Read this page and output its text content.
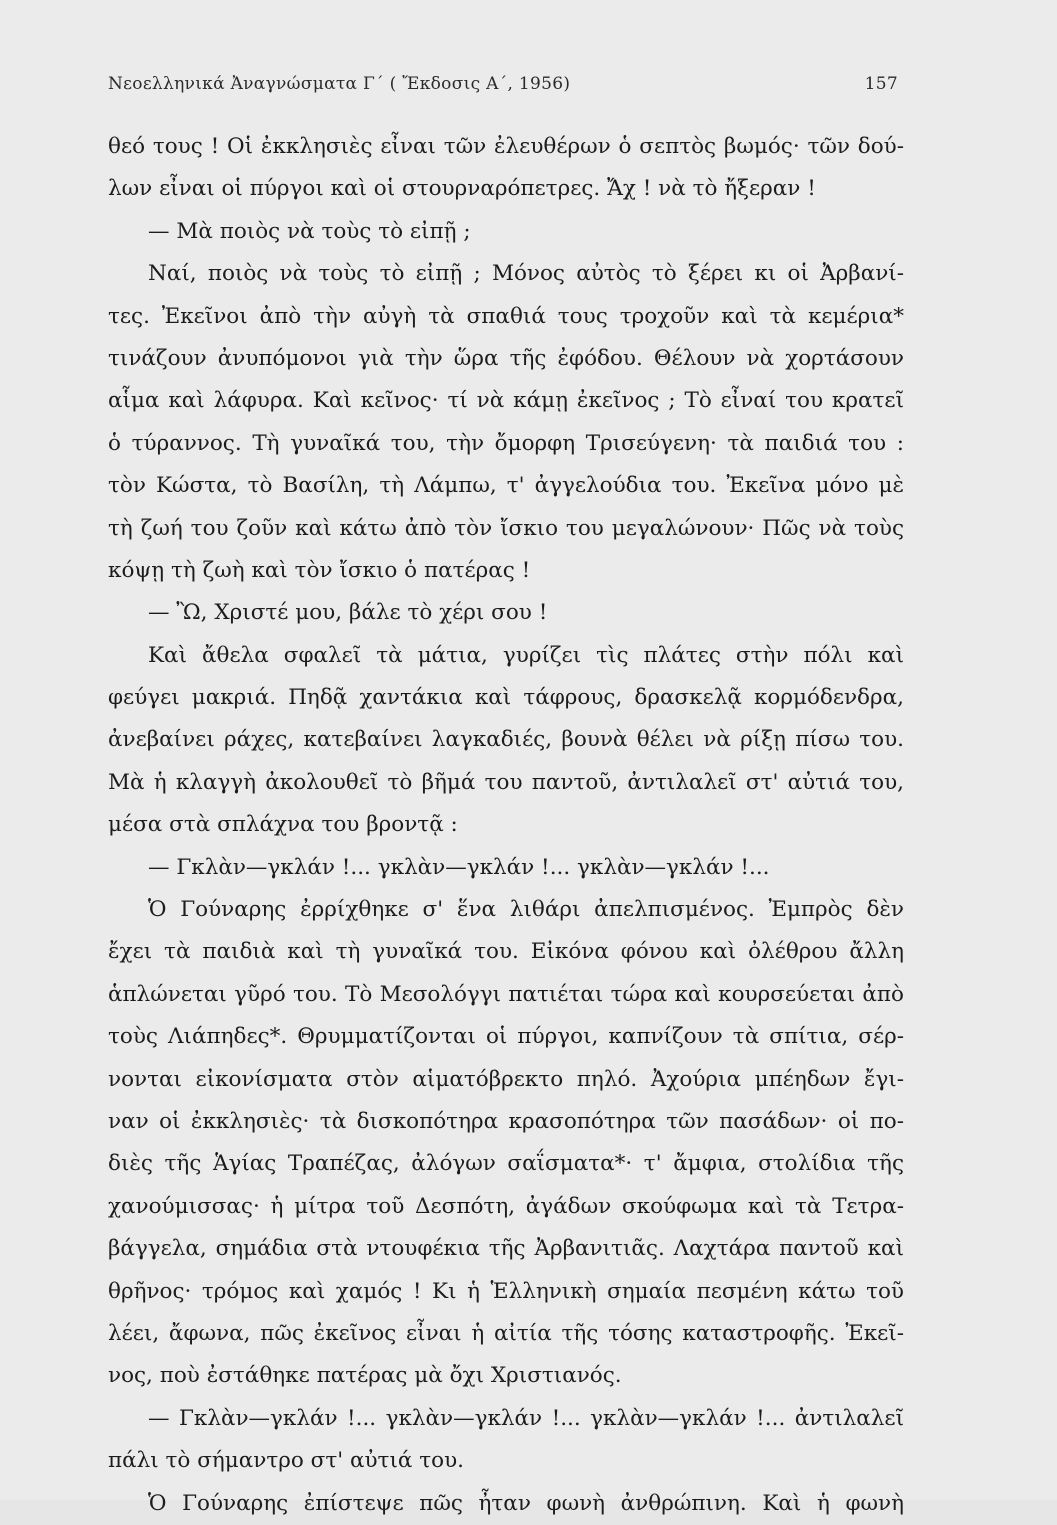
Νεοελληνικά Ἀναγνώσματα Γ΄ ( Ἔκδοσις Α΄, 1956)	157
θεό τους ! Οἱ ἐκκλησιὲς εἶναι τῶν ἐλευθέρων ὁ σεπτὸς βωμός· τῶν δού-
λων εἶναι οἱ πύργοι καὶ οἱ στουρναρόπετρες. Ἄχ ! νὰ τὸ ἤξεραν !
— Μὰ ποιὸς νὰ τοὺς τὸ εἰπῇ ;
Ναί, ποιὸς νὰ τοὺς τὸ εἰπῇ ; Μόνος αὐτὸς τὸ ξέρει κι οἱ Ἀρβανί-
τες. Ἐκεῖνοι ἀπὸ τὴν αὐγὴ τὰ σπαθιά τους τροχοῦν καὶ τὰ κεμέρια*
τινάζουν ἀνυπόμονοι γιὰ τὴν ὥρα τῆς ἐφόδου. Θέλουν νὰ χορτάσουν
αἷμα καὶ λάφυρα. Καὶ κεῖνος· τί νὰ κάμῃ ἐκεῖνος ; Τὸ εἶναί του κρατεῖ
ὁ τύραννος. Τὴ γυναῖκά του, τὴν ὄμορφη Τρισεύγενη· τὰ παιδιά του :
τὸν Κώστα, τὸ Βασίλη, τὴ Λάμπω, τ' ἀγγελούδια του. Ἐκεῖνα μόνο μὲ
τὴ ζωή του ζοῦν καὶ κάτω ἀπὸ τὸν ἴσκιο του μεγαλώνουν· Πῶς νὰ τοὺς
κόψῃ τὴ ζωὴ καὶ τὸν ἴσκιο ὁ πατέρας !
— Ὢ, Χριστέ μου, βάλε τὸ χέρι σου !
Καὶ ἄθελα σφαλεῖ τὰ μάτια, γυρίζει τὶς πλάτες στὴν πόλι καὶ
φεύγει μακριά. Πηδᾷ χαντάκια καὶ τάφρους, δρασκελᾷ κορμόδενδρα,
ἀνεβαίνει ράχες, κατεβαίνει λαγκαδιές, βουνὰ θέλει νὰ ρίξῃ πίσω του.
Μὰ ἡ κλαγγὴ ἀκολουθεῖ τὸ βῆμά του παντοῦ, ἀντιλαλεῖ στ' αὐτιά του,
μέσα στὰ σπλάχνα του βροντᾷ :
— Γκλὰν—γκλάν !... γκλὰν—γκλάν !... γκλὰν—γκλάν !...
Ὁ Γούναρης ἐρρίχθηκε σ' ἕνα λιθάρι ἀπελπισμένος. Ἐμπρὸς δὲν
ἔχει τὰ παιδιὰ καὶ τὴ γυναῖκά του. Εἰκόνα φόνου καὶ ὀλέθρου ἄλλη
ἁπλώνεται γῦρό του. Τὸ Μεσολόγγι πατιέται τώρα καὶ κουρσεύεται ἀπὸ
τοὺς Λιάπηδες*. Θρυμματίζονται οἱ πύργοι, καπνίζουν τὰ σπίτια, σέρ-
νονται εἰκονίσματα στὸν αἱματόβρεκτο πηλό. Ἀχούρια μπέηδων ἔγι-
ναν οἱ ἐκκλησιὲς· τὰ δισκοπότηρα κρασοπότηρα τῶν πασάδων· οἱ πο-
διὲς τῆς Ἁγίας Τραπέζας, ἀλόγων σαΐσματα*· τ' ἄμφια, στολίδια τῆς
χανούμισσας· ἡ μίτρα τοῦ Δεσπότη, ἀγάδων σκούφωμα καὶ τὰ Τετρα-
βάγγελα, σημάδια στὰ ντουφέκια τῆς Ἀρβανιτιᾶς. Λαχτάρα παντοῦ καὶ
θρῆνος· τρόμος καὶ χαμός ! Κι ἡ Ἑλληνικὴ σημαία πεσμένη κάτω τοῦ
λέει, ἄφωνα, πῶς ἐκεῖνος εἶναι ἡ αἰτία τῆς τόσης καταστροφῆς. Ἐκεῖ-
νος, ποὺ ἐστάθηκε πατέρας μὰ ὄχι Χριστιανός.
— Γκλὰν—γκλάν !... γκλὰν—γκλάν !... γκλὰν—γκλάν !... ἀντιλαλεῖ
πάλι τὸ σήμαντρο στ' αὐτιά του.
Ὁ Γούναρης ἐπίστεψε πῶς ἦταν φωνὴ ἀνθρώπινη. Καὶ ἡ φωνὴ
